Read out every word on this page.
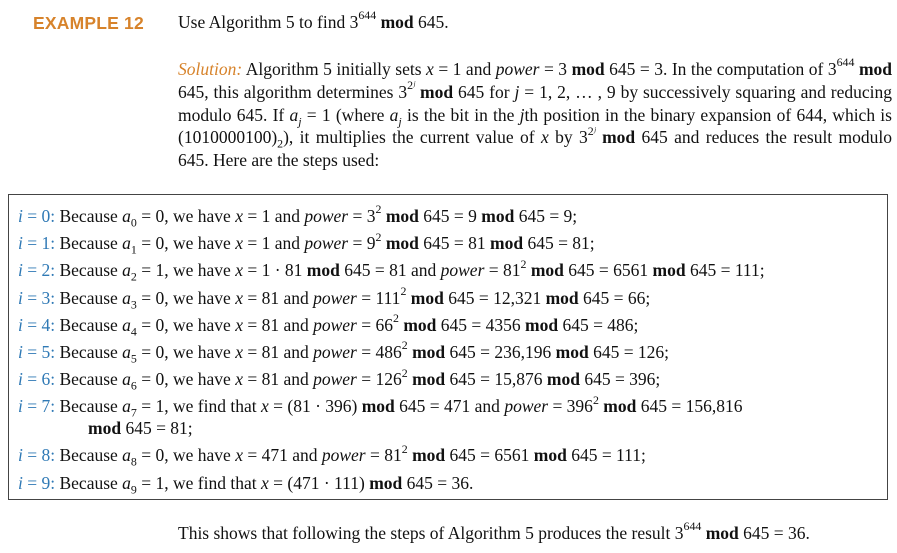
EXAMPLE 12 Use Algorithm 5 to find $3^{644}$ mod 645.
Solution: Algorithm 5 initially sets x = 1 and power = 3 mod 645 = 3. In the computation of $3^{644}$ mod 645, this algorithm determines $3^{2ʲ}$ mod 645 for j = 1, 2, … , 9 by successively squaring and reducing modulo 645. If $a_j = 1$ (where $a_j$ is the bit in the jth position in the binary expansion of 644, which is $(1010000100)_2$), it multiplies the current value of x by $3^{2ʲ}$ mod 645 and reduces the result modulo 645. Here are the steps used:
i = 0: Because $a_0 = 0$, we have x = 1 and power = $3^2$ mod 645 = 9 mod 645 = 9;
i = 1: Because $a_1 = 0$, we have x = 1 and power = $9^2$ mod 645 = 81 mod 645 = 81;
i = 2: Because $a_2 = 1$, we have x = 1 · 81 mod 645 = 81 and power = $81^2$ mod 645 = 6561 mod 645 = 111;
i = 3: Because $a_3 = 0$, we have x = 81 and power = $111^2$ mod 645 = 12,321 mod 645 = 66;
i = 4: Because $a_4 = 0$, we have x = 81 and power = $66^2$ mod 645 = 4356 mod 645 = 486;
i = 5: Because $a_5 = 0$, we have x = 81 and power = $486^2$ mod 645 = 236,196 mod 645 = 126;
i = 6: Because $a_6 = 0$, we have x = 81 and power = $126^2$ mod 645 = 15,876 mod 645 = 396;
i = 7: Because $a_7 = 1$, we find that x = (81 · 396) mod 645 = 471 and power = $396^2$ mod 645 = 156,816
mod 645 = 81;
i = 8: Because $a_8 = 0$, we have x = 471 and power = $81^2$ mod 645 = 6561 mod 645 = 111;
i = 9: Because $a_9 = 1$, we find that x = (471 · 111) mod 645 = 36.
This shows that following the steps of Algorithm 5 produces the result $3^{644}$ mod 645 = 36.
